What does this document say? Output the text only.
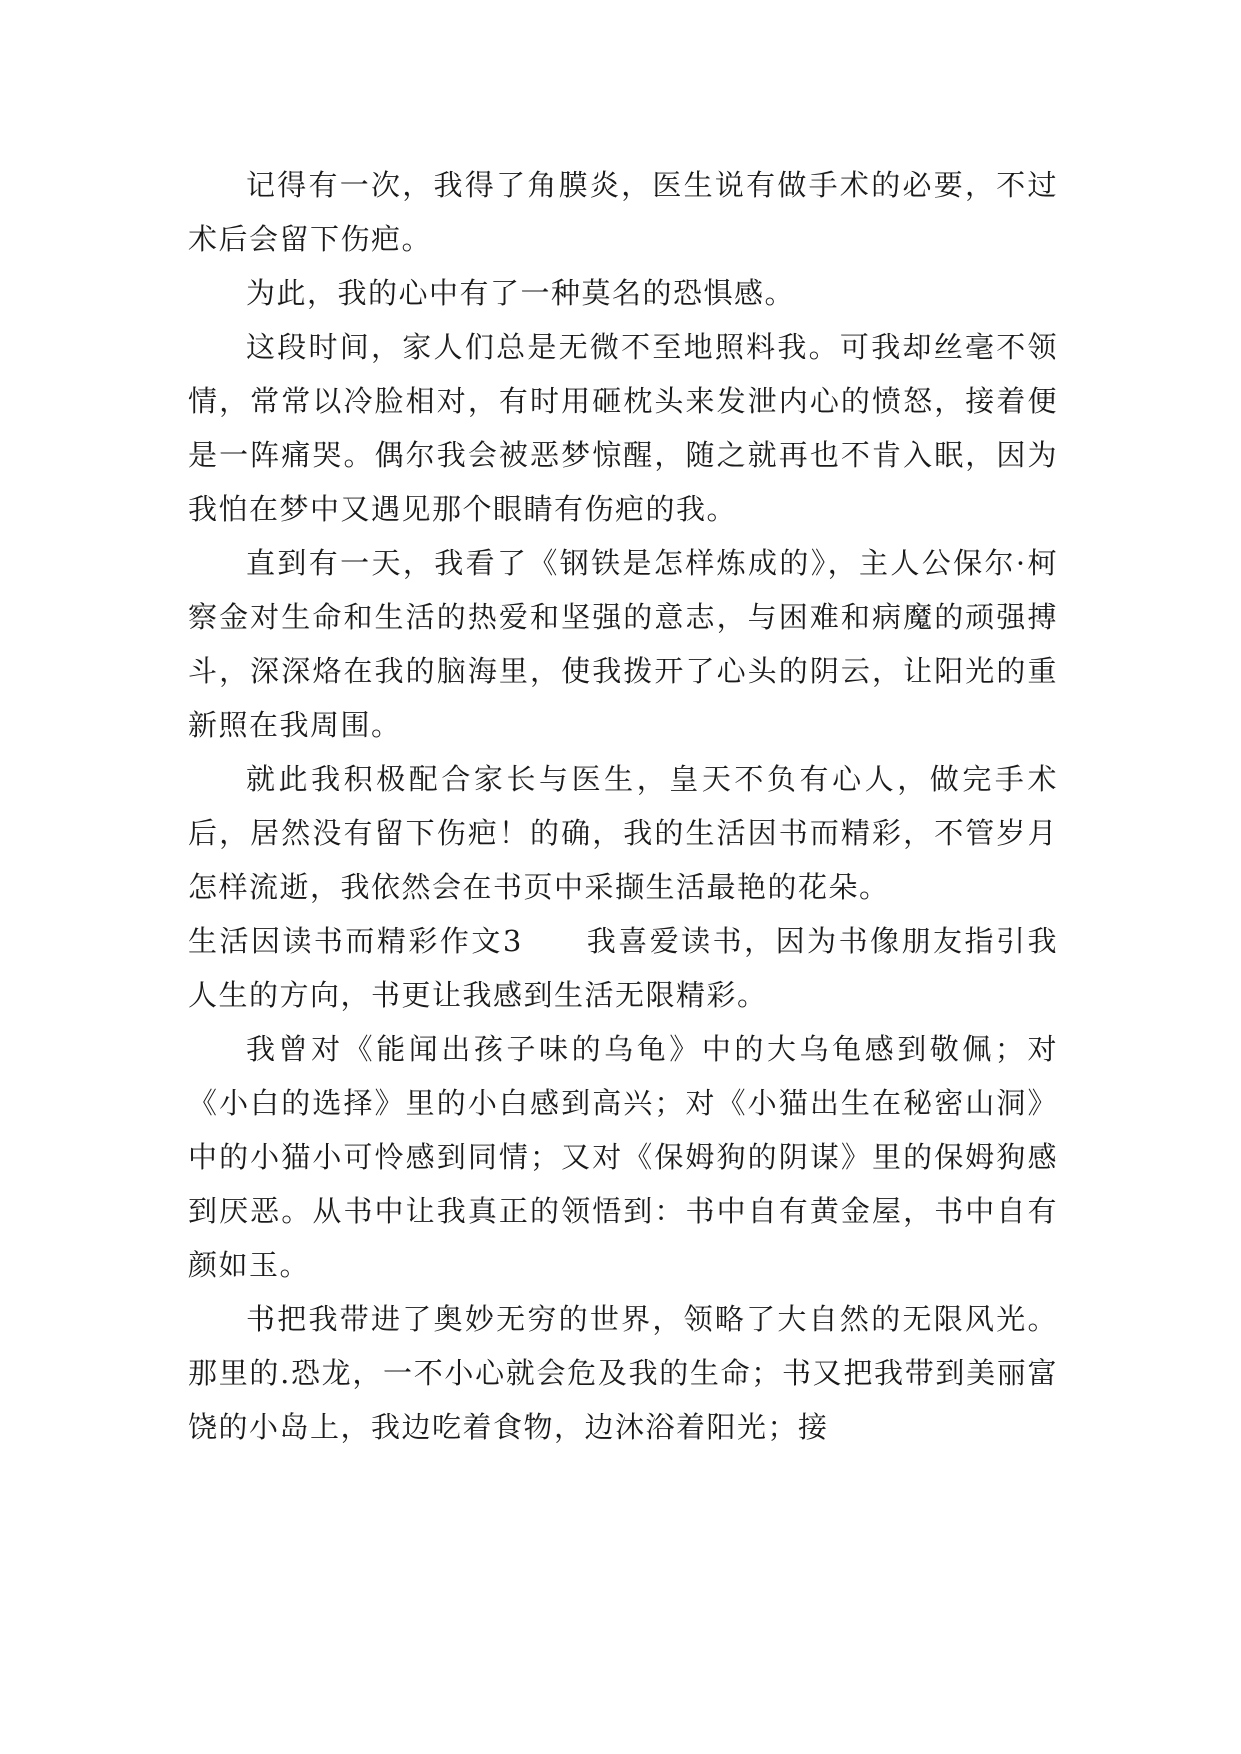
记得有一次，我得了角膜炎，医生说有做手术的必要，不过术后会留下伤疤。

为此，我的心中有了一种莫名的恐惧感。

这段时间，家人们总是无微不至地照料我。可我却丝毫不领情，常常以冷脸相对，有时用砸枕头来发泄内心的愤怒，接着便是一阵痛哭。偶尔我会被恶梦惊醒，随之就再也不肯入眠，因为我怕在梦中又遇见那个眼睛有伤疤的我。

直到有一天，我看了《钢铁是怎样炼成的》，主人公保尔·柯察金对生命和生活的热爱和坚强的意志，与困难和病魔的顽强搏斗，深深烙在我的脑海里，使我拨开了心头的阴云，让阳光的重新照在我周围。

就此我积极配合家长与医生，皇天不负有心人，做完手术后，居然没有留下伤疤！的确，我的生活因书而精彩，不管岁月怎样流逝，我依然会在书页中采撷生活最艳的花朵。

生活因读书而精彩作文3　　我喜爱读书，因为书像朋友指引我人生的方向，书更让我感到生活无限精彩。

我曾对《能闻出孩子味的乌龟》中的大乌龟感到敬佩；对《小白的选择》里的小白感到高兴；对《小猫出生在秘密山洞》中的小猫小可怜感到同情；又对《保姆狗的阴谋》里的保姆狗感到厌恶。从书中让我真正的领悟到：书中自有黄金屋，书中自有颜如玉。

书把我带进了奥妙无穷的世界，领略了大自然的无限风光。那里的.恐龙，一不小心就会危及我的生命；书又把我带到美丽富饶的小岛上，我边吃着食物，边沐浴着阳光；接
